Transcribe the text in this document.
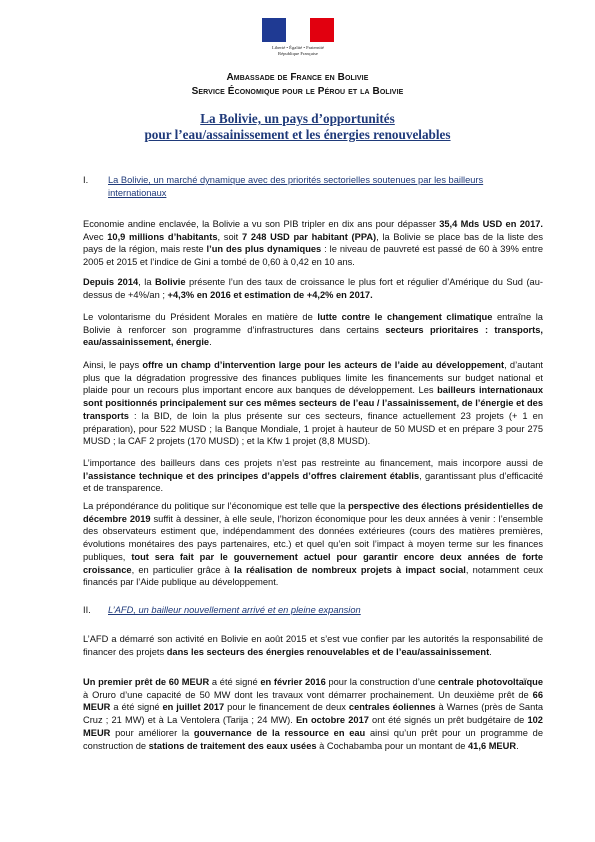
Liberté • Égalité • Fraternité
République Française
Ambassade de France en Bolivie
Service Économique pour le Pérou et la Bolivie
La Bolivie, un pays d’opportunités
pour l’eau/assainissement et les énergies renouvelables
I. La Bolivie, un marché dynamique avec des priorités sectorielles soutenues par les bailleurs internationaux
Economie andine enclavée, la Bolivie a vu son PIB tripler en dix ans pour dépasser 35,4 Mds USD en 2017. Avec 10,9 millions d’habitants, soit 7 248 USD par habitant (PPA), la Bolivie se place bas de la liste des pays de la région, mais reste l’un des plus dynamiques : le niveau de pauvreté est passé de 60 à 39% entre 2005 et 2015 et l’indice de Gini a tombé de 0,60 à 0,42 en 10 ans.
Depuis 2014, la Bolivie présente l’un des taux de croissance le plus fort et régulier d’Amérique du Sud (au-dessus de +4%/an ; +4,3% en 2016 et estimation de +4,2% en 2017.
Le volontarisme du Président Morales en matière de lutte contre le changement climatique entraîne la Bolivie à renforcer son programme d’infrastructures dans certains secteurs prioritaires : transports, eau/assainissement, énergie.
Ainsi, le pays offre un champ d’intervention large pour les acteurs de l’aide au développement, d’autant plus que la dégradation progressive des finances publiques limite les financements sur budget national et plaide pour un recours plus important encore aux banques de développement. Les bailleurs internationaux sont positionnés principalement sur ces mêmes secteurs de l’eau / l’assainissement, de l’énergie et des transports : la BID, de loin la plus présente sur ces secteurs, finance actuellement 23 projets (+ 1 en préparation), pour 522 MUSD ; la Banque Mondiale, 1 projet à hauteur de 50 MUSD et en prépare 3 pour 275 MUSD ; la CAF 2 projets (170 MUSD) ; et la Kfw 1 projet (8,8 MUSD).
L’importance des bailleurs dans ces projets n’est pas restreinte au financement, mais incorpore aussi de l’assistance technique et des principes d’appels d’offres clairement établis, garantissant plus d’efficacité et de transparence.
La prépondérance du politique sur l’économique est telle que la perspective des élections présidentielles de décembre 2019 suffit à dessiner, à elle seule, l’horizon économique pour les deux années à venir : l’ensemble des observateurs estiment que, indépendamment des données extérieures (cours des matières premières, évolutions monétaires des pays partenaires, etc.) et quel qu’en soit l’impact à moyen terme sur les finances publiques, tout sera fait par le gouvernement actuel pour garantir encore deux années de forte croissance, en particulier grâce à la réalisation de nombreux projets à impact social, notamment ceux financés par l’Aide publique au développement.
II. L’AFD, un bailleur nouvellement arrivé et en pleine expansion
L’AFD a démarré son activité en Bolivie en août 2015 et s’est vue confier par les autorités la responsabilité de financer des projets dans les secteurs des énergies renouvelables et de l’eau/assainissement.
Un premier prêt de 60 MEUR a été signé en février 2016 pour la construction d’une centrale photovoltaïque à Oruro d’une capacité de 50 MW dont les travaux vont démarrer prochainement. Un deuxième prêt de 66 MEUR a été signé en juillet 2017 pour le financement de deux centrales éoliennes à Warnes (près de Santa Cruz ; 21 MW) et à La Ventolera (Tarija ; 24 MW). En octobre 2017 ont été signés un prêt budgétaire de 102 MEUR pour améliorer la gouvernance de la ressource en eau ainsi qu’un prêt pour un programme de construction de stations de traitement des eaux usées à Cochabamba pour un montant de 41,6 MEUR.
